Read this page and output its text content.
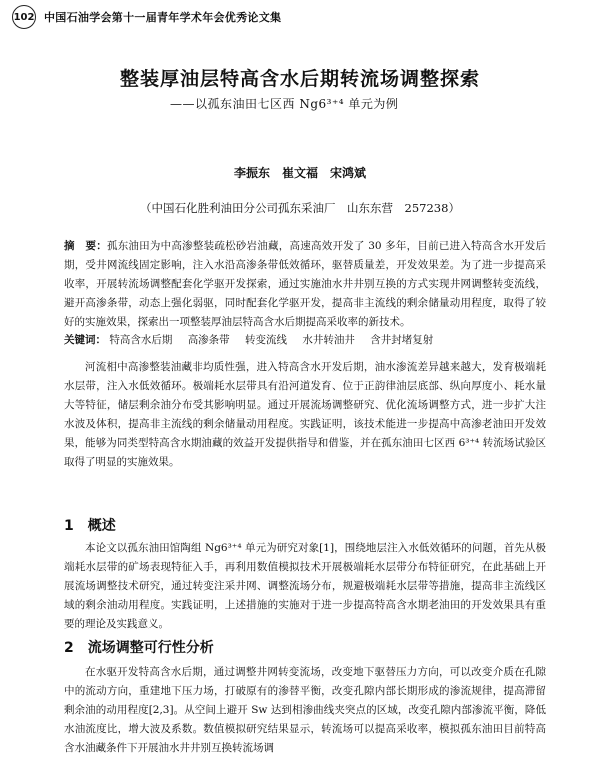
102 中国石油学会第十一届青年学术年会优秀论文集
整装厚油层特高含水后期转流场调整探索
——以孤东油田七区西 Ng6³⁺⁴ 单元为例
李振东　崔文福　宋鸿斌
（中国石化胜利油田分公司孤东采油厂　山东东营　257238）
摘　要：孤东油田为中高渗整装疏松砂岩油藏，高速高效开发了 30 多年，目前已进入特高含水开发后期，受井网流线固定影响，注入水沿高渗条带低效循环，驱替质量差，开发效果差。为了进一步提高采收率，开展转流场调整配套化学驱开发探索，通过实施油水井井别互换的方式实现井网调整转变流线，避开高渗条带，动态上强化弱驱，同时配套化学驱开发，提高非主流线的剩余储量动用程度，取得了较好的实施效果，探索出一项整装厚油层特高含水后期提高采收率的新技术。
关键词： 特高含水后期 高渗条带 转变流线 水井转油井 含井封堵复射
河流相中高渗整装油藏非均质性强，进入特高含水开发后期，油水渗流差异越来越大，发育极端耗水层带，注入水低效循环。极端耗水层带具有沿河道发育、位于正韵律油层底部、纵向厚度小、耗水量大等特征，储层剩余油分布受其影响明显。通过开展流场调整研究、优化流场调整方式，进一步扩大注水波及体积，提高非主流线的剩余储量动用程度。实践证明，该技术能进一步提高中高渗老油田开发效果，能够为同类型特高含水期油藏的效益开发提供指导和借鉴，并在孤东油田七区西 6³⁺⁴ 转流场试验区取得了明显的实施效果。
1 概述
本论文以孤东油田馆陶组 Ng6³⁺⁴ 单元为研究对象[1]，围绕地层注入水低效循环的问题，首先从极端耗水层带的矿场表现特征入手，再利用数值模拟技术开展极端耗水层带分布特征研究，在此基础上开展流场调整技术研究，通过转变注采井网、调整流场分布，规避极端耗水层带等措施，提高非主流线区域的剩余油动用程度。实践证明，上述措施的实施对于进一步提高特高含水期老油田的开发效果具有重要的理论及实践意义。
2 流场调整可行性分析
在水驱开发特高含水后期，通过调整井网转变流场，改变地下驱替压力方向，可以改变介质在孔隙中的流动方向，重建地下压力场，打破原有的渗替平衡，改变孔隙内部长期形成的渗流规律，提高滞留剩余油的动用程度[2,3]。从空间上避开 Sw 达到相渗曲线夹突点的区域，改变孔隙内部渗流平衡，降低水油流度比，增大波及系数。数值模拟研究结果显示，转流场可以提高采收率，模拟孤东油田目前特高含水油藏条件下开展油水井井别互换转流场调
